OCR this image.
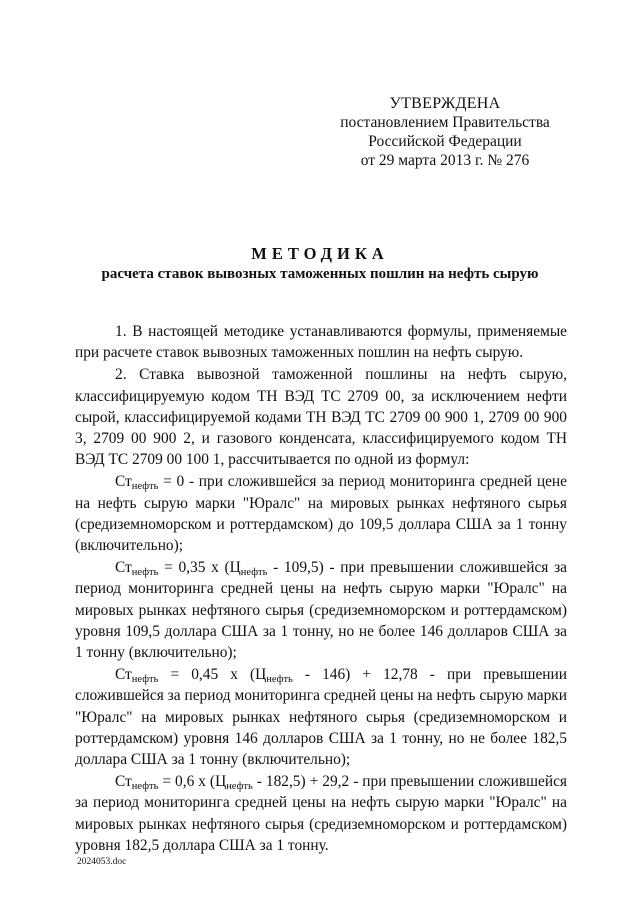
УТВЕРЖДЕНА
постановлением Правительства
Российской Федерации
от 29 марта 2013 г. № 276
МЕТОДИКА
расчета ставок вывозных таможенных пошлин на нефть сырую

1. В настоящей методике устанавливаются формулы, применяемые при расчете ставок вывозных таможенных пошлин на нефть сырую.

2. Ставка вывозной таможенной пошлины на нефть сырую, классифицируемую кодом ТН ВЭД ТС 2709 00, за исключением нефти сырой, классифицируемой кодами ТН ВЭД ТС 2709 00 900 1, 2709 00 900 3, 2709 00 900 2, и газового конденсата, классифицируемого кодом ТН ВЭД ТС 2709 00 100 1, рассчитывается по одной из формул:

$Ст_{нефть} = 0$ - при сложившейся за период мониторинга средней цене на нефть сырую марки "Юралс" на мировых рынках нефтяного сырья (средиземноморском и роттердамском) до 109,5 доллара США за 1 тонну (включительно);

$Ст_{нефть} = 0,35$ х $(Ц_{нефть} - 109,5)$ - при превышении сложившейся за период мониторинга средней цены на нефть сырую марки "Юралс" на мировых рынках нефтяного сырья (средиземноморском и роттердамском) уровня 109,5 доллара США за 1 тонну, но не более 146 долларов США за 1 тонну (включительно);

$Ст_{нефть} = 0,45$ х $(Ц_{нефть} - 146) + 12,78$ - при превышении сложившейся за период мониторинга средней цены на нефть сырую марки "Юралс" на мировых рынках нефтяного сырья (средиземноморском и роттердамском) уровня 146 долларов США за 1 тонну, но не более 182,5 доллара США за 1 тонну (включительно);

$Ст_{нефть} = 0,6$ х $(Ц_{нефть} - 182,5) + 29,2$ - при превышении сложившейся за период мониторинга средней цены на нефть сырую марки "Юралс" на мировых рынках нефтяного сырья (средиземноморском и роттердамском) уровня 182,5 доллара США за 1 тонну.

2024053.doc
